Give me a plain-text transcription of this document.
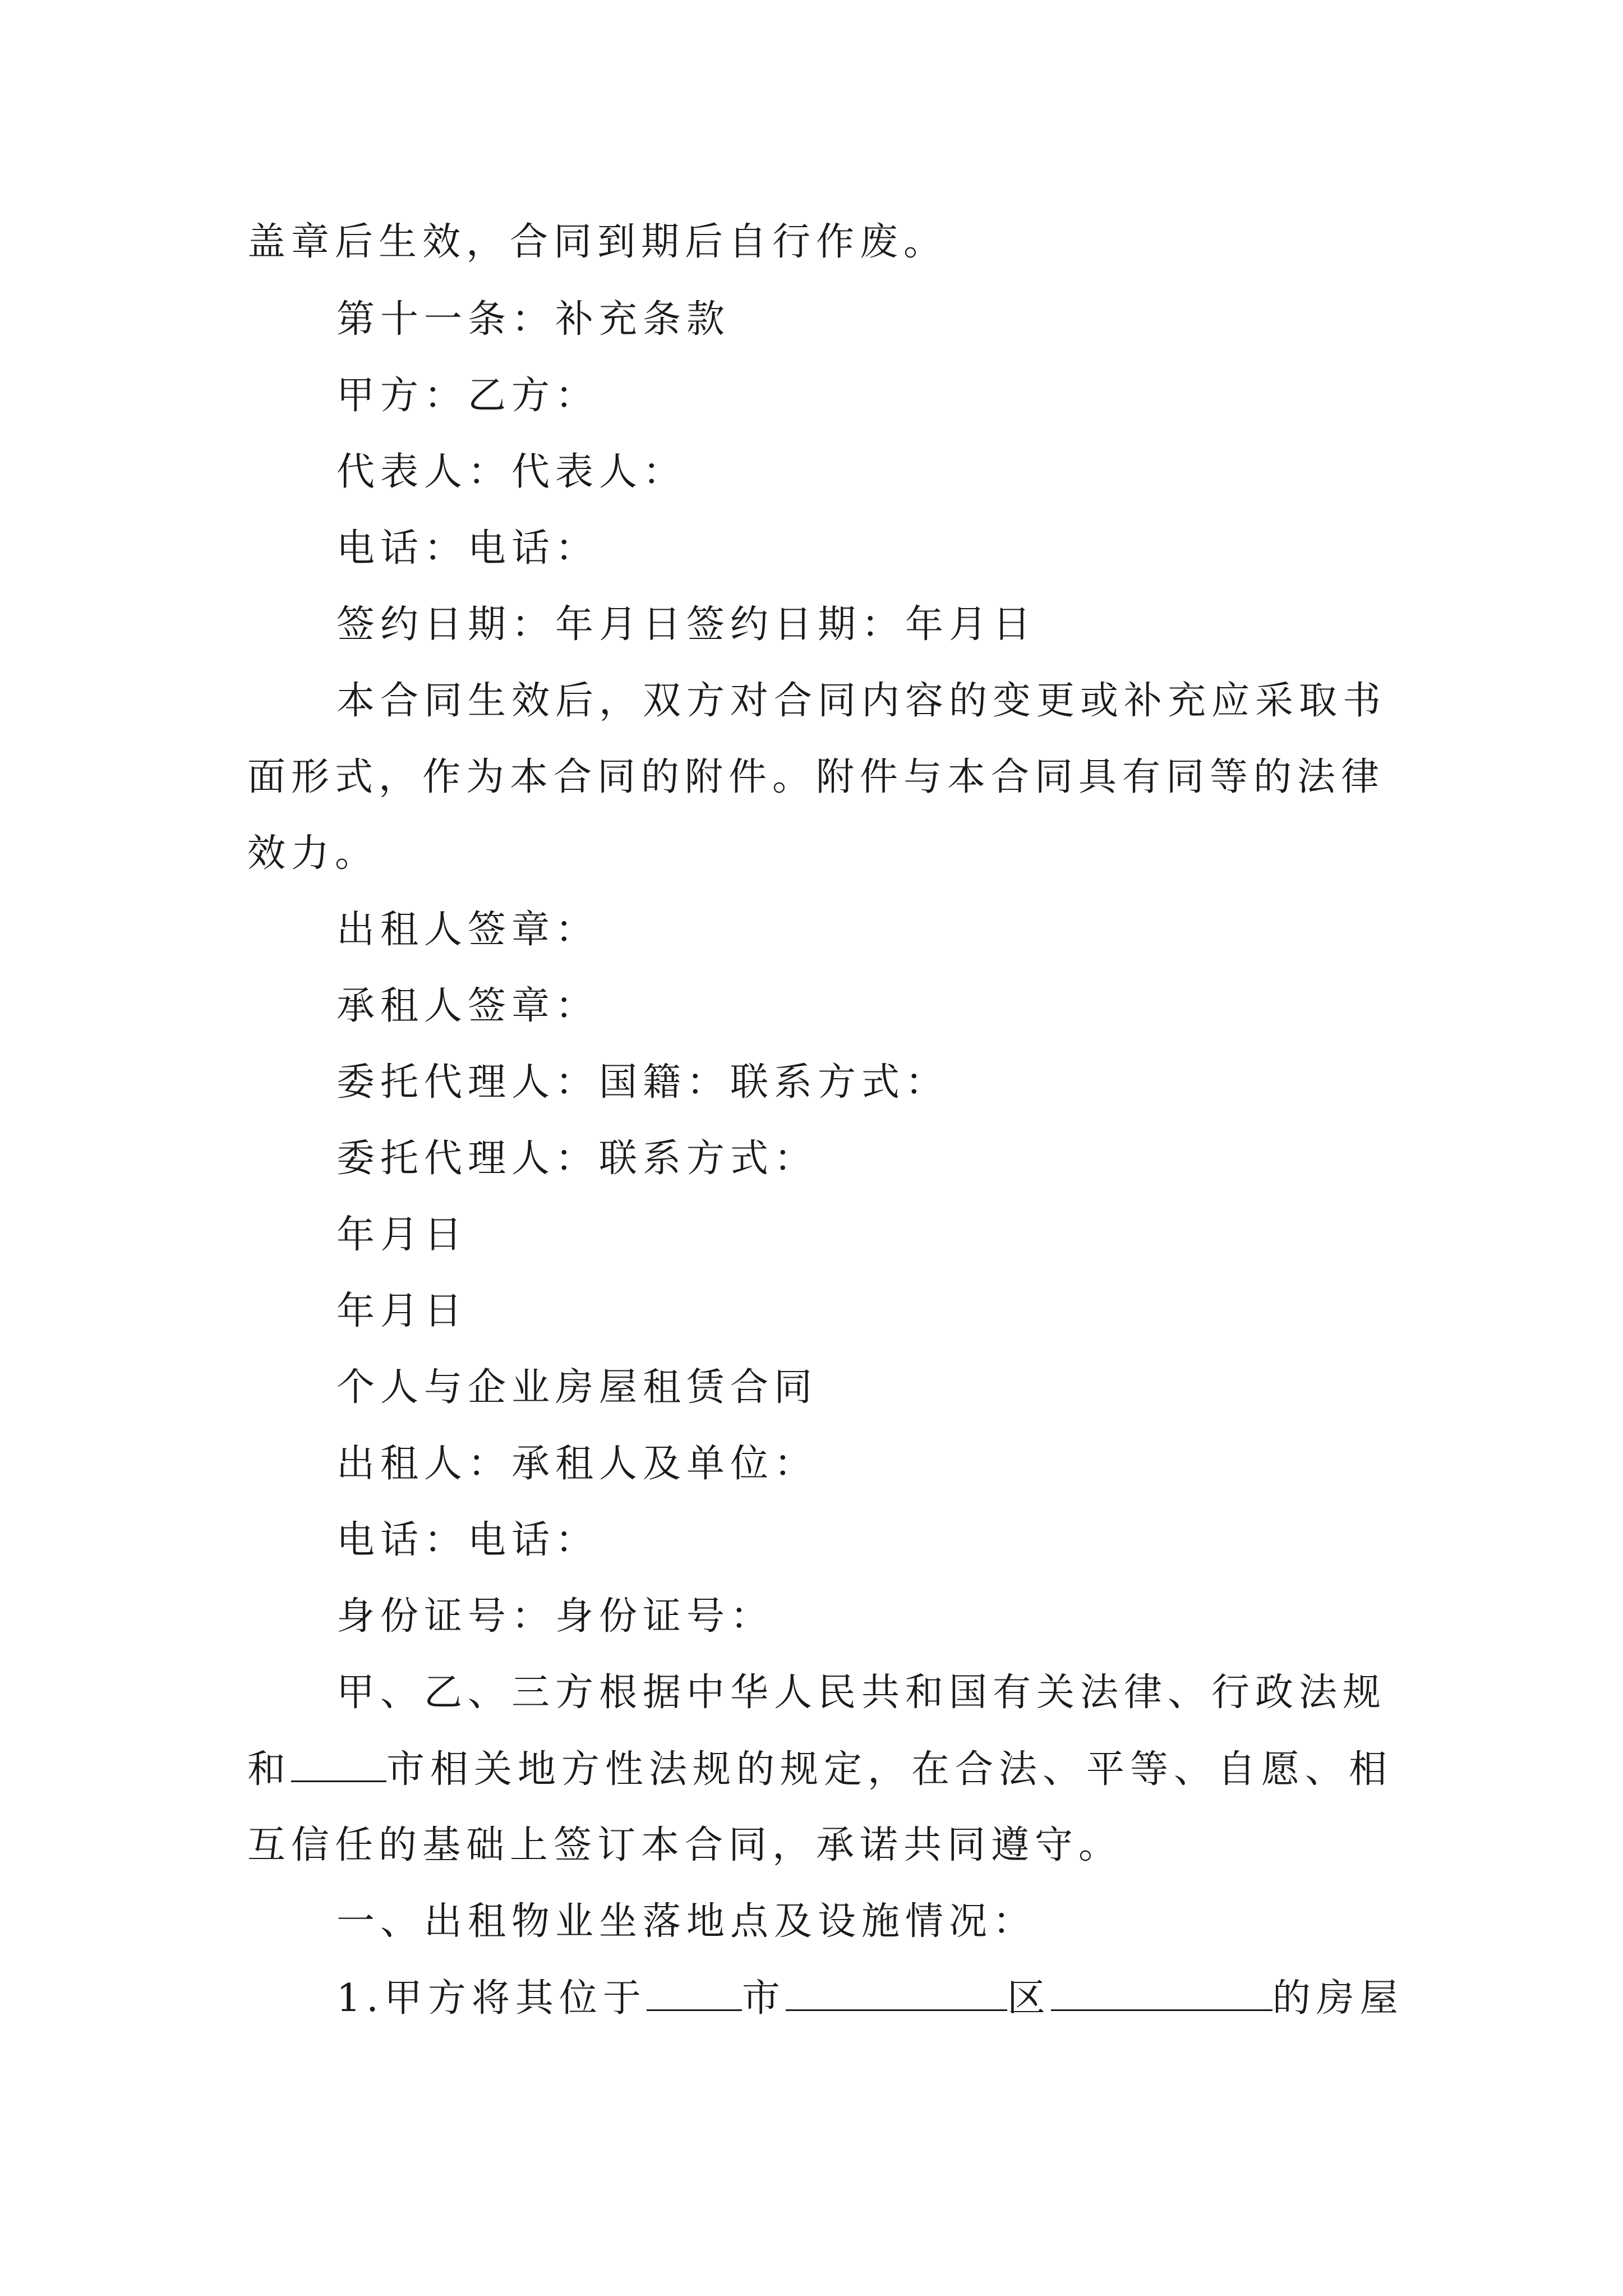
盖章后生效，合同到期后自行作废。
第十一条：补充条款
甲方：乙方：
代表人：代表人：
电话：电话：
签约日期：年月日签约日期：年月日
本合同生效后，双方对合同内容的变更或补充应采取书
面形式，作为本合同的附件。附件与本合同具有同等的法律
效力。
出租人签章：
承租人签章：
委托代理人：国籍：联系方式：
委托代理人：联系方式：
年月日
年月日
个人与企业房屋租赁合同
出租人：承租人及单位：
电话：电话：
身份证号：身份证号：
甲、乙、三方根据中华人民共和国有关法律、行政法规
和	市相关地方性法规的规定，在合法、平等、自愿、相
互信任的基础上签订本合同，承诺共同遵守。
一、出租物业坐落地点及设施情况：
1.甲方将其位于	市	区	的房屋
